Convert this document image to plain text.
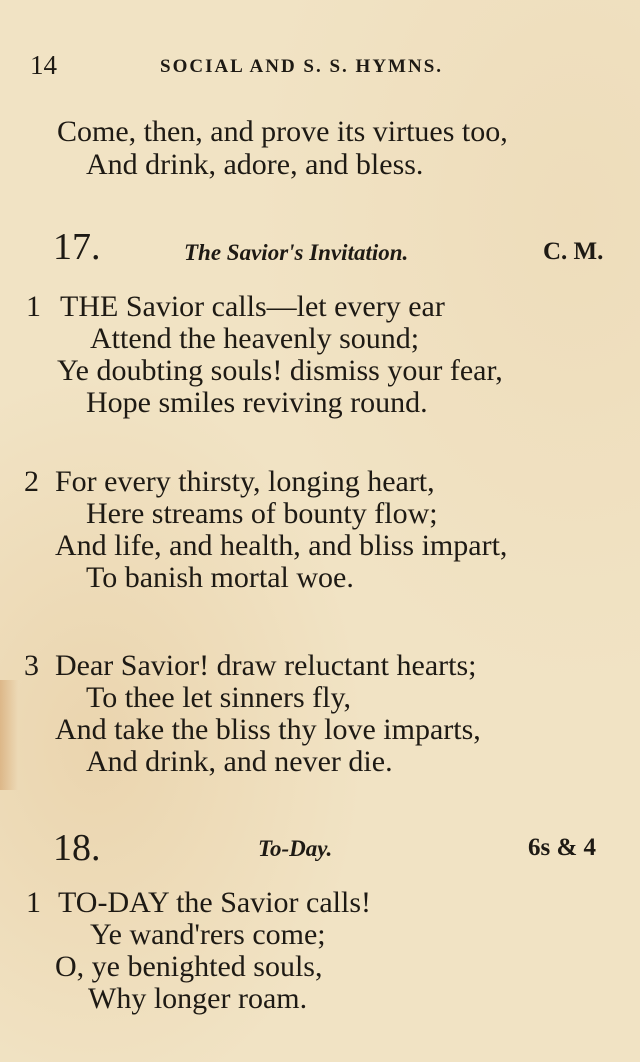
14	SOCIAL AND S. S. HYMNS.
Come, then, and prove its virtues too,
And drink, adore, and bless.
17.	The Savior's Invitation.	C. M.
1 THE Savior calls—let every ear
Attend the heavenly sound;
Ye doubting souls! dismiss your fear,
Hope smiles reviving round.
2 For every thirsty, longing heart,
Here streams of bounty flow;
And life, and health, and bliss impart,
To banish mortal woe.
3 Dear Savior! draw reluctant hearts;
To thee let sinners fly,
And take the bliss thy love imparts,
And drink, and never die.
18.	To-Day.	6s & 4
1 TO-DAY the Savior calls!
Ye wand'rers come;
O, ye benighted souls,
Why longer roam.
